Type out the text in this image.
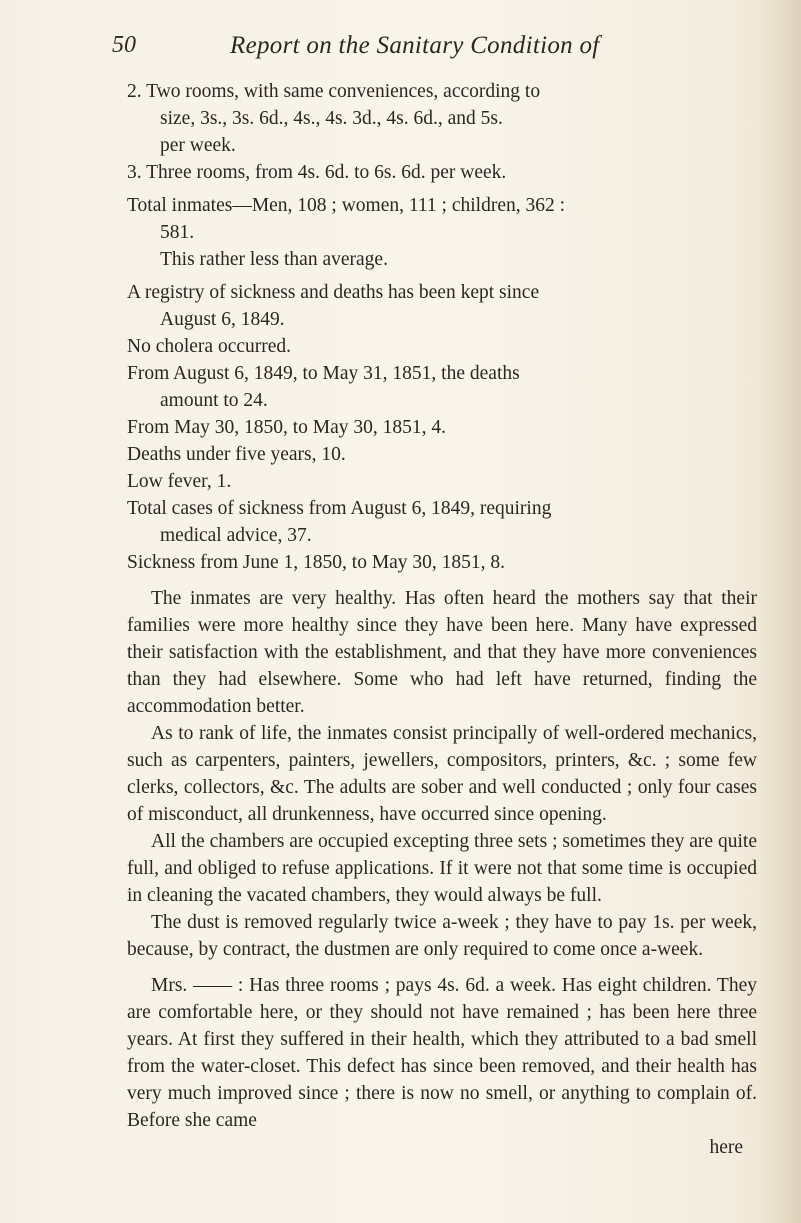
50	Report on the Sanitary Condition of

2. Two rooms, with same conveniences, according to

size, 3s., 3s. 6d., 4s., 4s. 3d., 4s. 6d., and 5s.
per week.

3. Three rooms, from 4s. 6d. to 6s. 6d. per week.

Total inmates—Men, 108 ; women, 111 ; children, 362 :

581.
This rather less than average.

A registry of sickness and deaths has been kept since

August 6, 1849.

No cholera occurred.

From August 6, 1849, to May 31, 1851, the deaths

amount to 24.

From May 30, 1850, to May 30, 1851, 4.

Deaths under five years, 10.

Low fever, 1.

Total cases of sickness from August 6, 1849, requiring

medical advice, 37.

Sickness from June 1, 1850, to May 30, 1851, 8.

The inmates are very healthy. Has often heard the mothers say that their families were more healthy since they have been here. Many have expressed their satisfaction with the establishment, and that they have more conveniences than they had elsewhere. Some who had left have returned, finding the accommodation better.

As to rank of life, the inmates consist principally of well-ordered mechanics, such as carpenters, painters, jewellers, compositors, printers, &c. ; some few clerks, collectors, &c. The adults are sober and well conducted ; only four cases of misconduct, all drunkenness, have occurred since opening.

All the chambers are occupied excepting three sets ; sometimes they are quite full, and obliged to refuse applications. If it were not that some time is occupied in cleaning the vacated chambers, they would always be full.

The dust is removed regularly twice a-week ; they have to pay 1s. per week, because, by contract, the dustmen are only required to come once a-week.

Mrs. —— : Has three rooms ; pays 4s. 6d. a week. Has eight children. They are comfortable here, or they should not have remained ; has been here three years. At first they suffered in their health, which they attributed to a bad smell from the water-closet. This defect has since been removed, and their health has very much improved since ; there is now no smell, or anything to complain of. Before she came

here
